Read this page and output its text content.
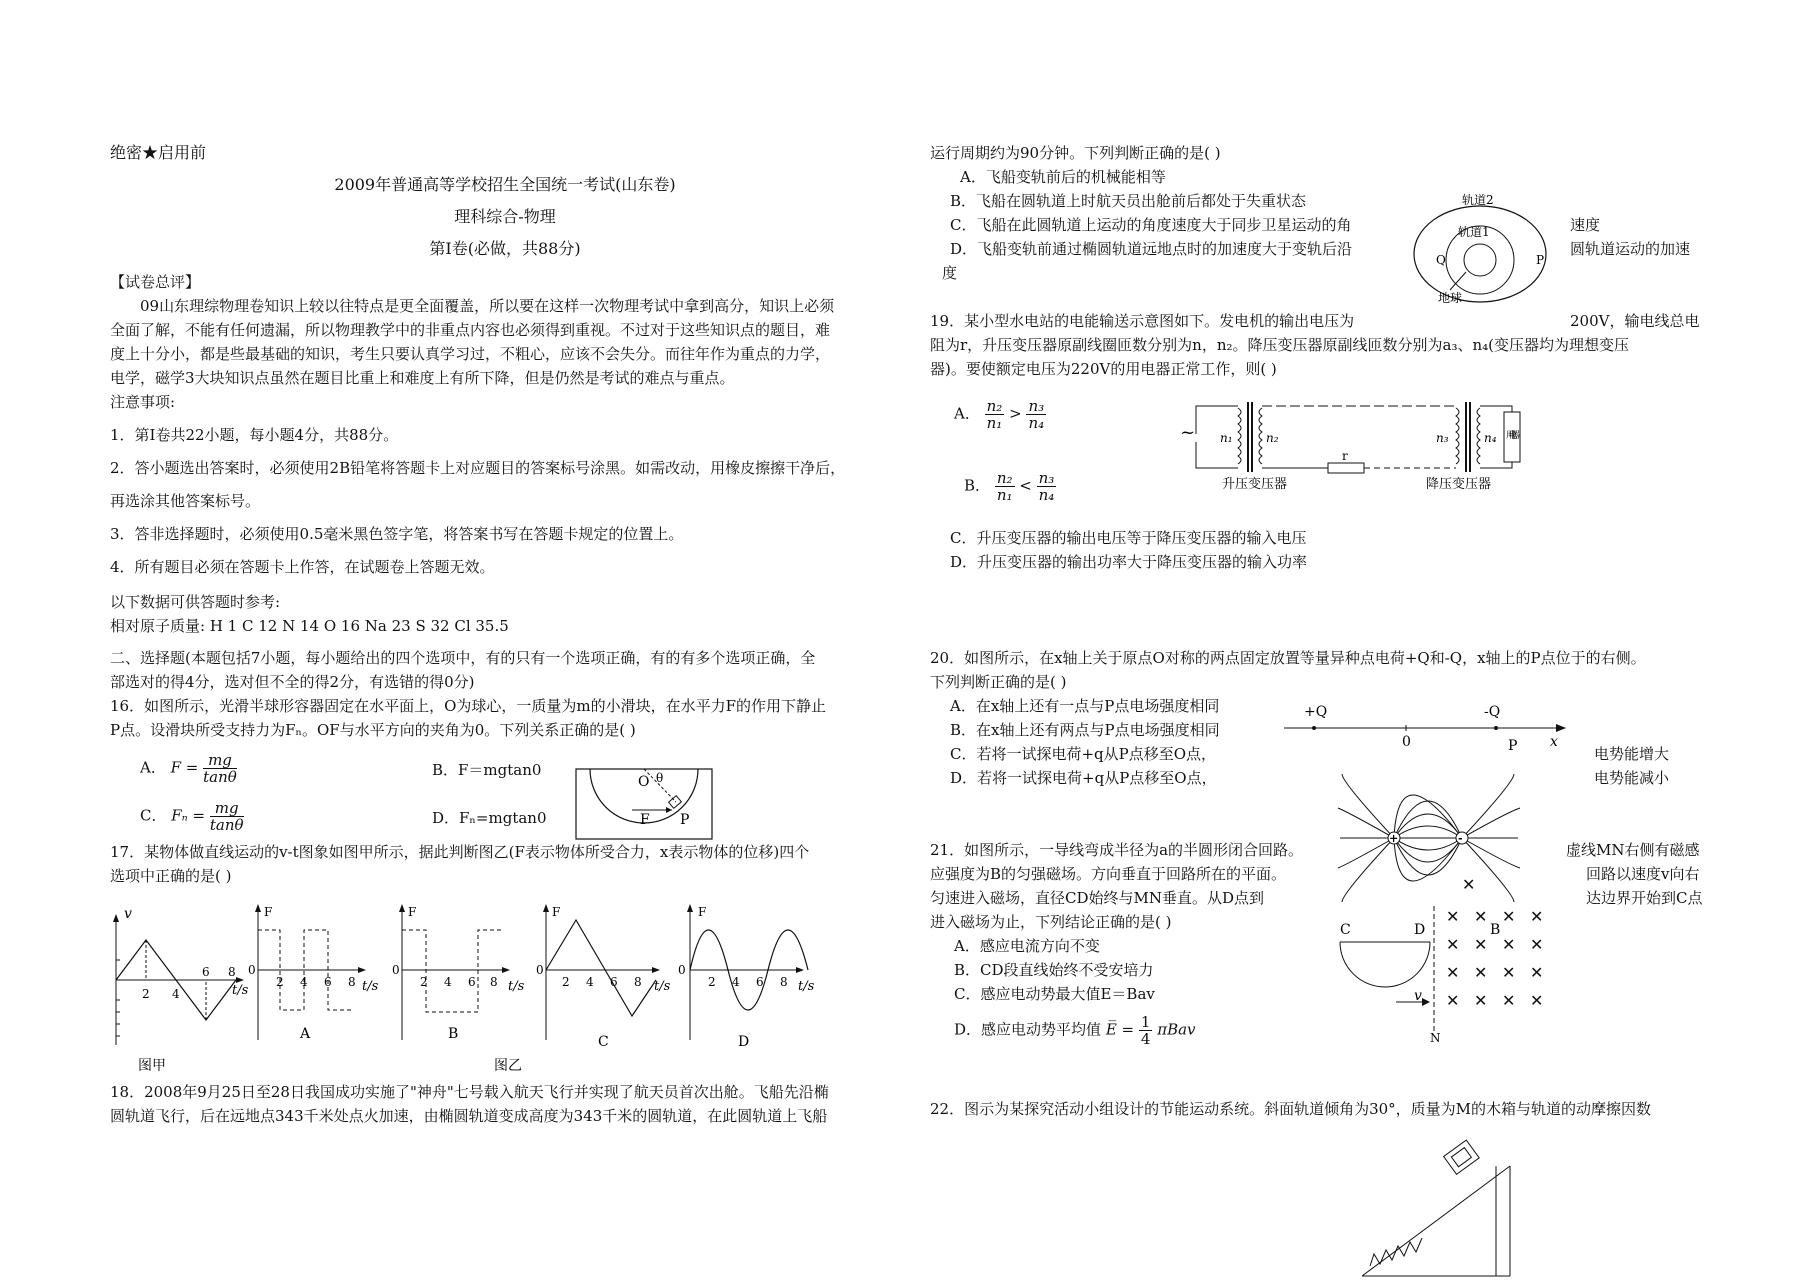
绝密★启用前
2009年普通高等学校招生全国统一考试(山东卷)
理科综合-物理
第Ⅰ卷(必做，共88分)
【试卷总评】
09山东理综物理卷知识上较以往特点是更全面覆盖，所以要在这样一次物理考试中拿到高分，知识上必须
全面了解，不能有任何遗漏，所以物理教学中的非重点内容也必须得到重视。不过对于这些知识点的题目，难
度上十分小，都是些最基础的知识，考生只要认真学习过，不粗心，应该不会失分。而往年作为重点的力学，
电学，磁学3大块知识点虽然在题目比重上和难度上有所下降，但是仍然是考试的难点与重点。
注意事项:
1．第Ⅰ卷共22小题，每小题4分，共88分。
2．答小题选出答案时，必须使用2B铅笔将答题卡上对应题目的答案标号涂黑。如需改动，用橡皮擦擦干净后，
再选涂其他答案标号。
3．答非选择题时，必须使用0.5毫米黑色签字笔，将答案书写在答题卡规定的位置上。
4．所有题目必须在答题卡上作答，在试题卷上答题无效。
以下数据可供答题时参考:
相对原子质量: H 1 C 12 N 14 O 16 Na 23 S 32 Cl 35.5
二、选择题(本题包括7小题，每小题给出的四个选项中，有的只有一个选项正确，有的有多个选项正确，全
部选对的得4分，选对但不全的得2分，有选错的得0分)
16．如图所示，光滑半球形容器固定在水平面上，O为球心，一质量为m的小滑块，在水平力F的作用下静止
P点。设滑块所受支持力为Fₙ。OF与水平方向的夹角为0。下列关系正确的是( )
A． $F = \frac{mg}{\tan\theta}$	B．F＝mgtan0
C． $F_n = \frac{mg}{\tan\theta}$	D．Fₙ=mgtan0
O θ
F P
17．某物体做直线运动的v-t图象如图甲所示，据此判断图乙(F表示物体所受合力，x表示物体的位移)四个
选项中正确的是( )
v
2 4
6 8
t/s
图甲
F
0
2 4 6 8 t/s
A
F
0
2 4 6 8 t/s
B
F
0
2 4 6 8 t/s
C
F
0
2 4 6 8 t/s
D
图乙
18．2008年9月25日至28日我国成功实施了"神舟"七号载入航天飞行并实现了航天员首次出舱。飞船先沿椭
圆轨道飞行，后在远地点343千米处点火加速，由椭圆轨道变成高度为343千米的圆轨道，在此圆轨道上飞船
运行周期约为90分钟。下列判断正确的是( )
A．飞船变轨前后的机械能相等
B．飞船在圆轨道上时航天员出舱前后都处于失重状态
C．飞船在此圆轨道上运动的角度速度大于同步卫星运动的角	速度
D．飞船变轨前通过椭圆轨道远地点时的加速度大于变轨后沿	圆轨道运动的加速
度
轨道2
轨道1
Q	P
地球
19．某小型水电站的电能输送示意图如下。发电机的输出电压为	200V，输电线总电
阻为r，升压变压器原副线圈匝数分别为n，n₂。降压变压器原副线匝数分别为a₃、n₄(变压器均为理想变压
器)。要使额定电压为220V的用电器正常工作，则( )
A． $\frac{\text{n₂}}{\text{n₁}} > \frac{\text{n₃}}{\text{n₄}}$
B． $\frac{\text{n₂}}{\text{n₁}} < \frac{\text{n₃}}{\text{n₄}}$
~ n₁	n₂	n₃	n₄
r
用电器
升压变压器	降压变压器
C．升压变压器的输出电压等于降压变压器的输入电压
D．升压变压器的输出功率大于降压变压器的输入功率
20．如图所示，在x轴上关于原点O对称的两点固定放置等量异种点电荷+Q和-Q，x轴上的P点位于的右侧。
下列判断正确的是( )
A．在x轴上还有一点与P点电场强度相同
B．在x轴上还有两点与P点电场强度相同
C．若将一试探电荷+q从P点移至O点，	电势能增大
D．若将一试探电荷+q从P点移至O点，	电势能减小
+Q	-Q
0	P x
+	-
21．如图所示，一导线弯成半径为a的半圆形闭合回路。	虚线MN右侧有磁感
应强度为B的匀强磁场。方向垂直于回路所在的平面。	回路以速度v向右
匀速进入磁场，直径CD始终与MN垂直。从D点到	达边界开始到C点
进入磁场为止，下列结论正确的是( )
A．感应电流方向不变
B．CD段直线始终不受安培力
C．感应电动势最大值E＝Bav
D．感应电动势平均值 E̅ = $\frac{1}{4}$ πBav
✕
✕ ✕ ✕ ✕
✕ ✕ ✕ ✕
✕ ✕ ✕ ✕
✕ ✕ ✕ ✕
C	D	B
v
N
22．图示为某探究活动小组设计的节能运动系统。斜面轨道倾角为30°，质量为M的木箱与轨道的动摩擦因数
